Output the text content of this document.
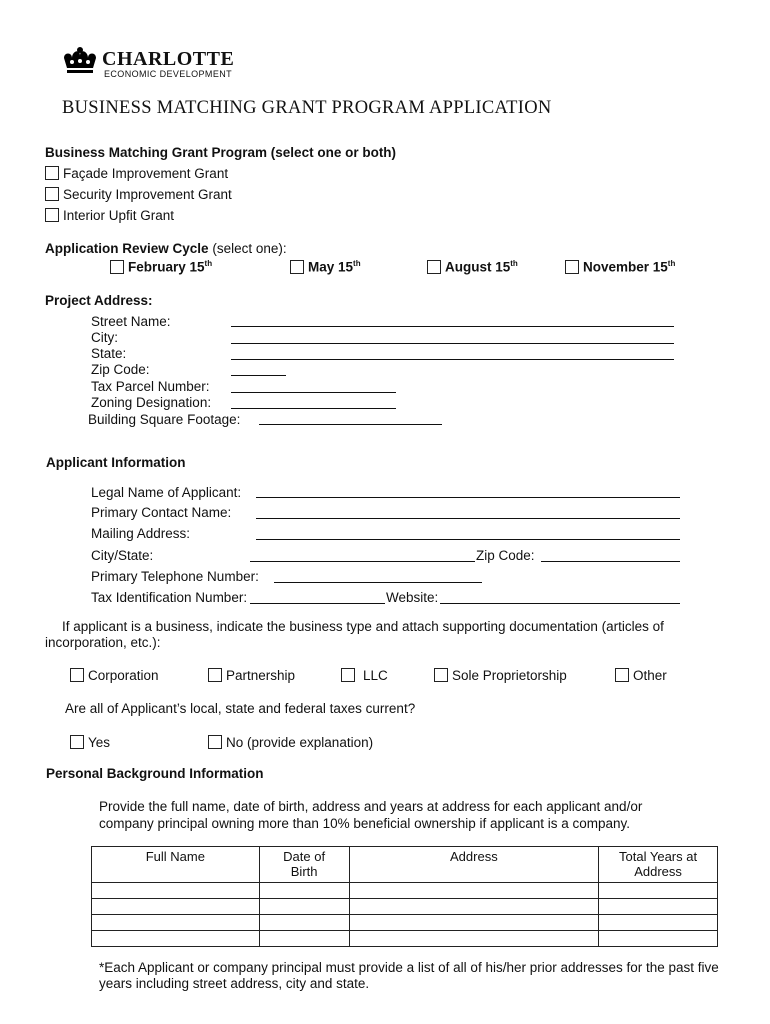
CHARLOTTE
ECONOMIC DEVELOPMENT
BUSINESS MATCHING GRANT PROGRAM APPLICATION
Business Matching Grant Program (select one or both)
Façade Improvement Grant
Security Improvement Grant
Interior Upfit Grant
Application Review Cycle (select one):
February 15th	May 15th	August 15th	November 15th
Project Address:
Street Name:
City:
State:
Zip Code:
Tax Parcel Number:
Zoning Designation:
Building Square Footage:
Applicant Information
Legal Name of Applicant:
Primary Contact Name:
Mailing Address:
City/State:	Zip Code:
Primary Telephone Number:
Tax Identification Number:	Website:
If applicant is a business, indicate the business type and attach supporting documentation (articles of
incorporation, etc.):
Corporation	Partnership	LLC	Sole Proprietorship	Other
Are all of Applicant’s local, state and federal taxes current?
Yes	No (provide explanation)
Personal Background Information
Provide the full name, date of birth, address and years at address for each applicant and/or
company principal owning more than 10% beneficial ownership if applicant is a company.
Full Name	Date of Birth	Address	Total Years at Address

*Each Applicant or company principal must provide a list of all of his/her prior addresses for the past five
years including street address, city and state.
